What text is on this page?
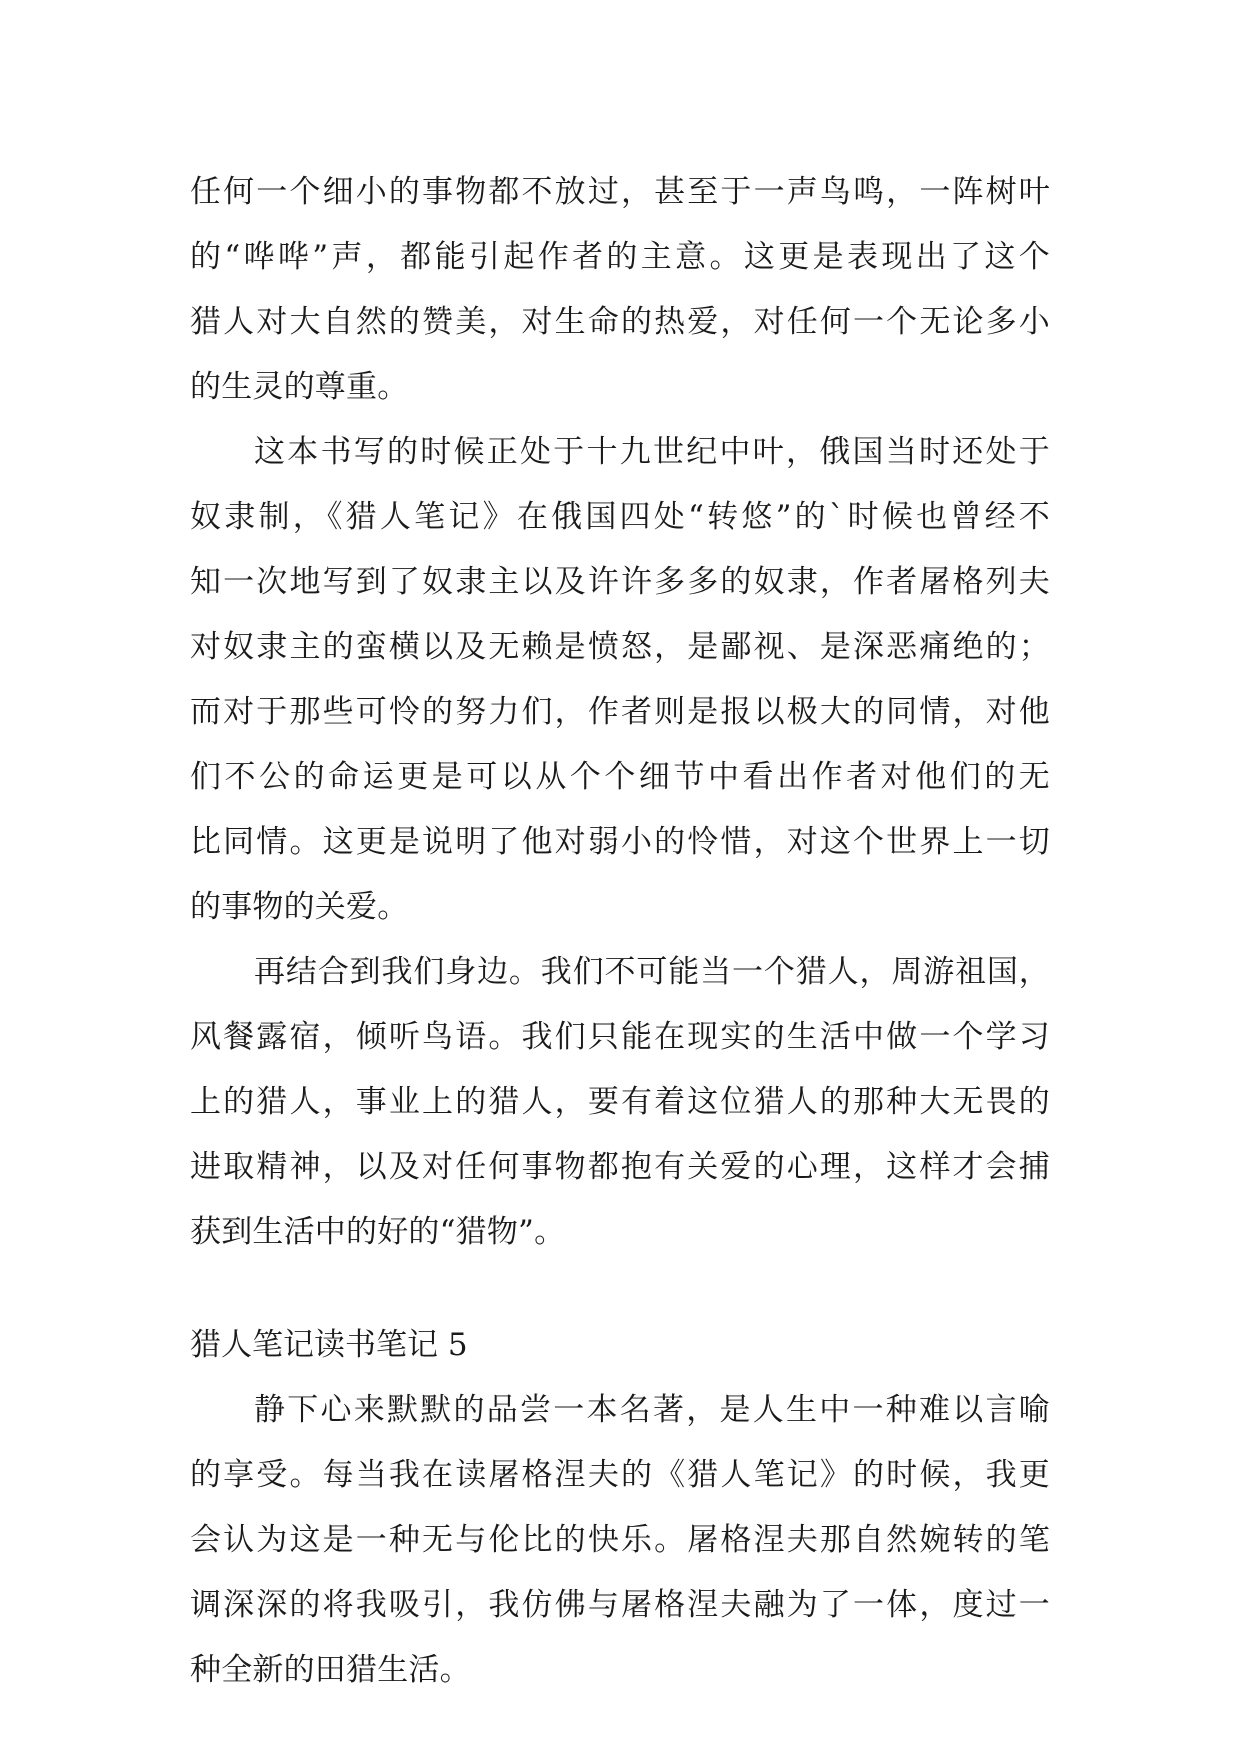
任何一个细小的事物都不放过，甚至于一声鸟鸣，一阵树叶
的“哗哗”声，都能引起作者的主意。这更是表现出了这个
猎人对大自然的赞美，对生命的热爱，对任何一个无论多小
的生灵的尊重。
这本书写的时候正处于十九世纪中叶，俄国当时还处于
奴隶制，《猎人笔记》在俄国四处“转悠”的`时候也曾经不
知一次地写到了奴隶主以及许许多多的奴隶，作者屠格列夫
对奴隶主的蛮横以及无赖是愤怒，是鄙视、是深恶痛绝的；
而对于那些可怜的努力们，作者则是报以极大的同情，对他
们不公的命运更是可以从个个细节中看出作者对他们的无
比同情。这更是说明了他对弱小的怜惜，对这个世界上一切
的事物的关爱。
再结合到我们身边。我们不可能当一个猎人，周游祖国，
风餐露宿，倾听鸟语。我们只能在现实的生活中做一个学习
上的猎人，事业上的猎人，要有着这位猎人的那种大无畏的
进取精神，以及对任何事物都抱有关爱的心理，这样才会捕
获到生活中的好的“猎物”。
猎人笔记读书笔记 5
静下心来默默的品尝一本名著，是人生中一种难以言喻
的享受。每当我在读屠格涅夫的《猎人笔记》的时候，我更
会认为这是一种无与伦比的快乐。屠格涅夫那自然婉转的笔
调深深的将我吸引，我仿佛与屠格涅夫融为了一体，度过一
种全新的田猎生活。
